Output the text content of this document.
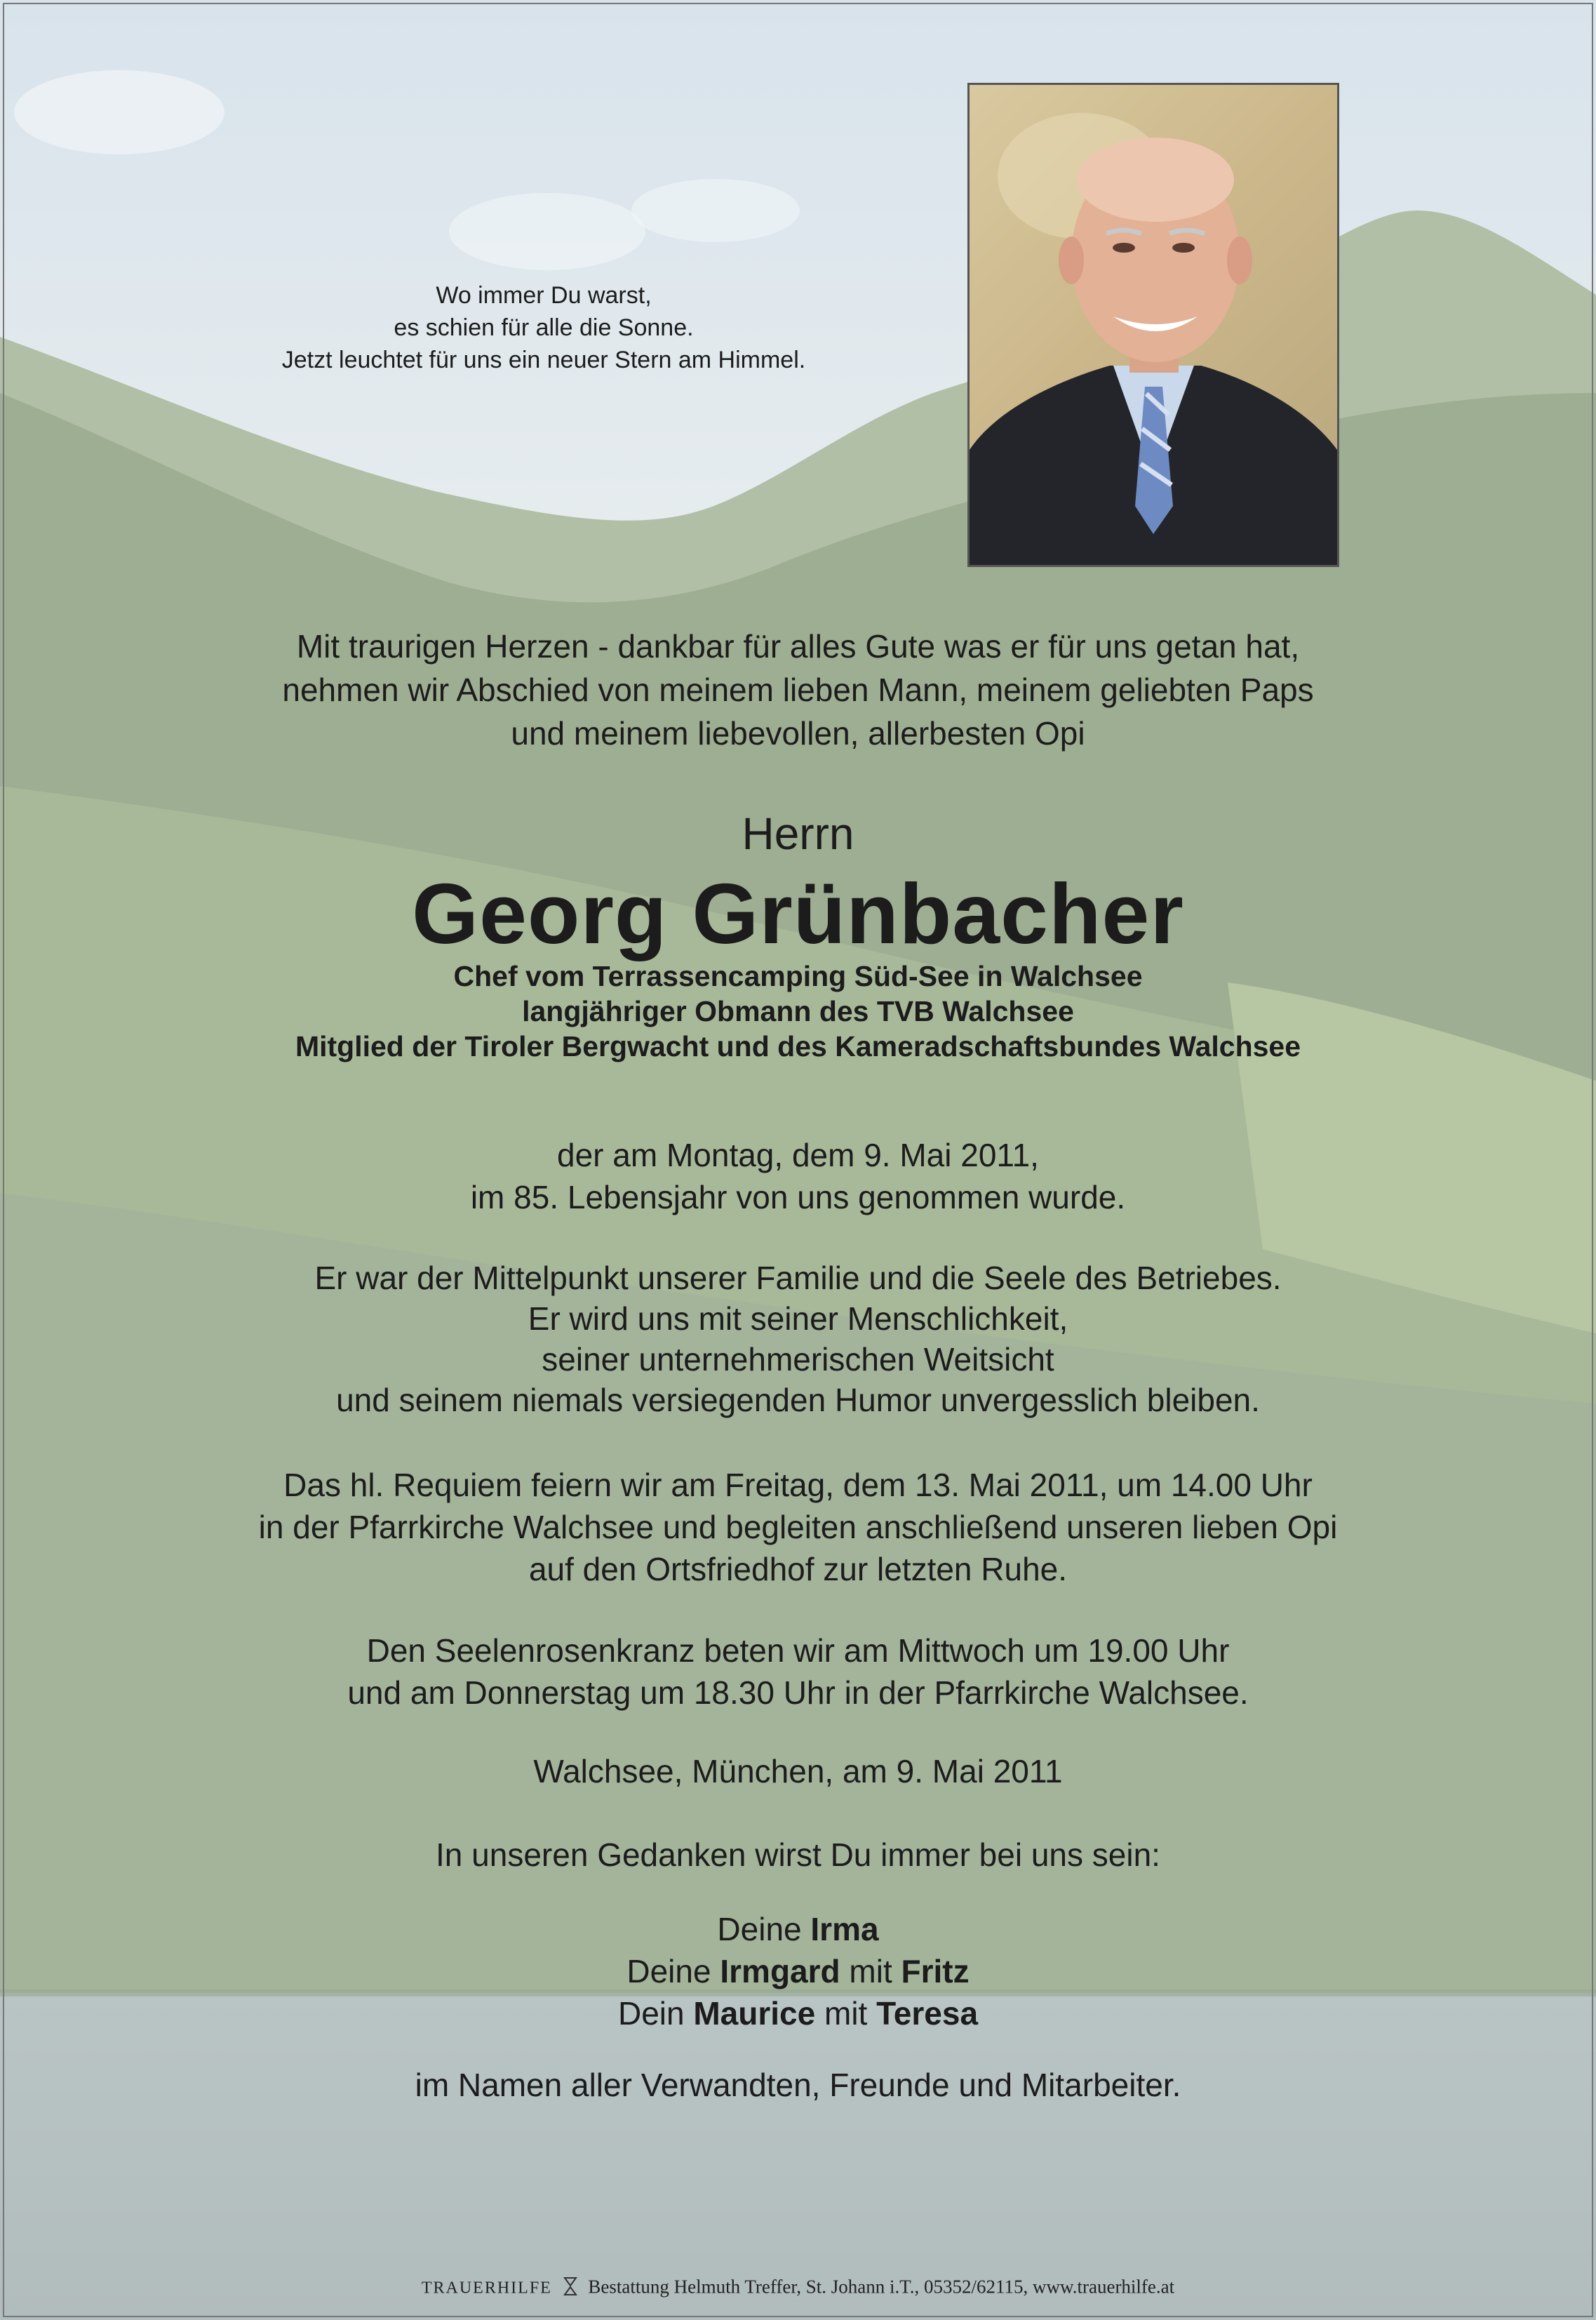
Wo immer Du warst,
es schien für alle die Sonne.
Jetzt leuchtet für uns ein neuer Stern am Himmel.
Mit traurigen Herzen - dankbar für alles Gute was er für uns getan hat,
nehmen wir Abschied von meinem lieben Mann, meinem geliebten Paps
und meinem liebevollen, allerbesten Opi
Herrn
Georg Grünbacher
Chef vom Terrassencamping Süd-See in Walchsee
langjähriger Obmann des TVB Walchsee
Mitglied der Tiroler Bergwacht und des Kameradschaftsbundes Walchsee
der am Montag, dem 9. Mai 2011,
im 85. Lebensjahr von uns genommen wurde.
Er war der Mittelpunkt unserer Familie und die Seele des Betriebes.
Er wird uns mit seiner Menschlichkeit,
seiner unternehmerischen Weitsicht
und seinem niemals versiegenden Humor unvergesslich bleiben.
Das hl. Requiem feiern wir am Freitag, dem 13. Mai 2011, um 14.00 Uhr
in der Pfarrkirche Walchsee und begleiten anschließend unseren lieben Opi
auf den Ortsfriedhof zur letzten Ruhe.
Den Seelenrosenkranz beten wir am Mittwoch um 19.00 Uhr
und am Donnerstag um 18.30 Uhr in der Pfarrkirche Walchsee.
Walchsee, München, am 9. Mai 2011
In unseren Gedanken wirst Du immer bei uns sein:
Deine Irma
Deine Irmgard mit Fritz
Dein Maurice mit Teresa
im Namen aller Verwandten, Freunde und Mitarbeiter.
TRAUERHILFE Bestattung Helmuth Treffer, St. Johann i.T., 05352/62115, www.trauerhilfe.at
